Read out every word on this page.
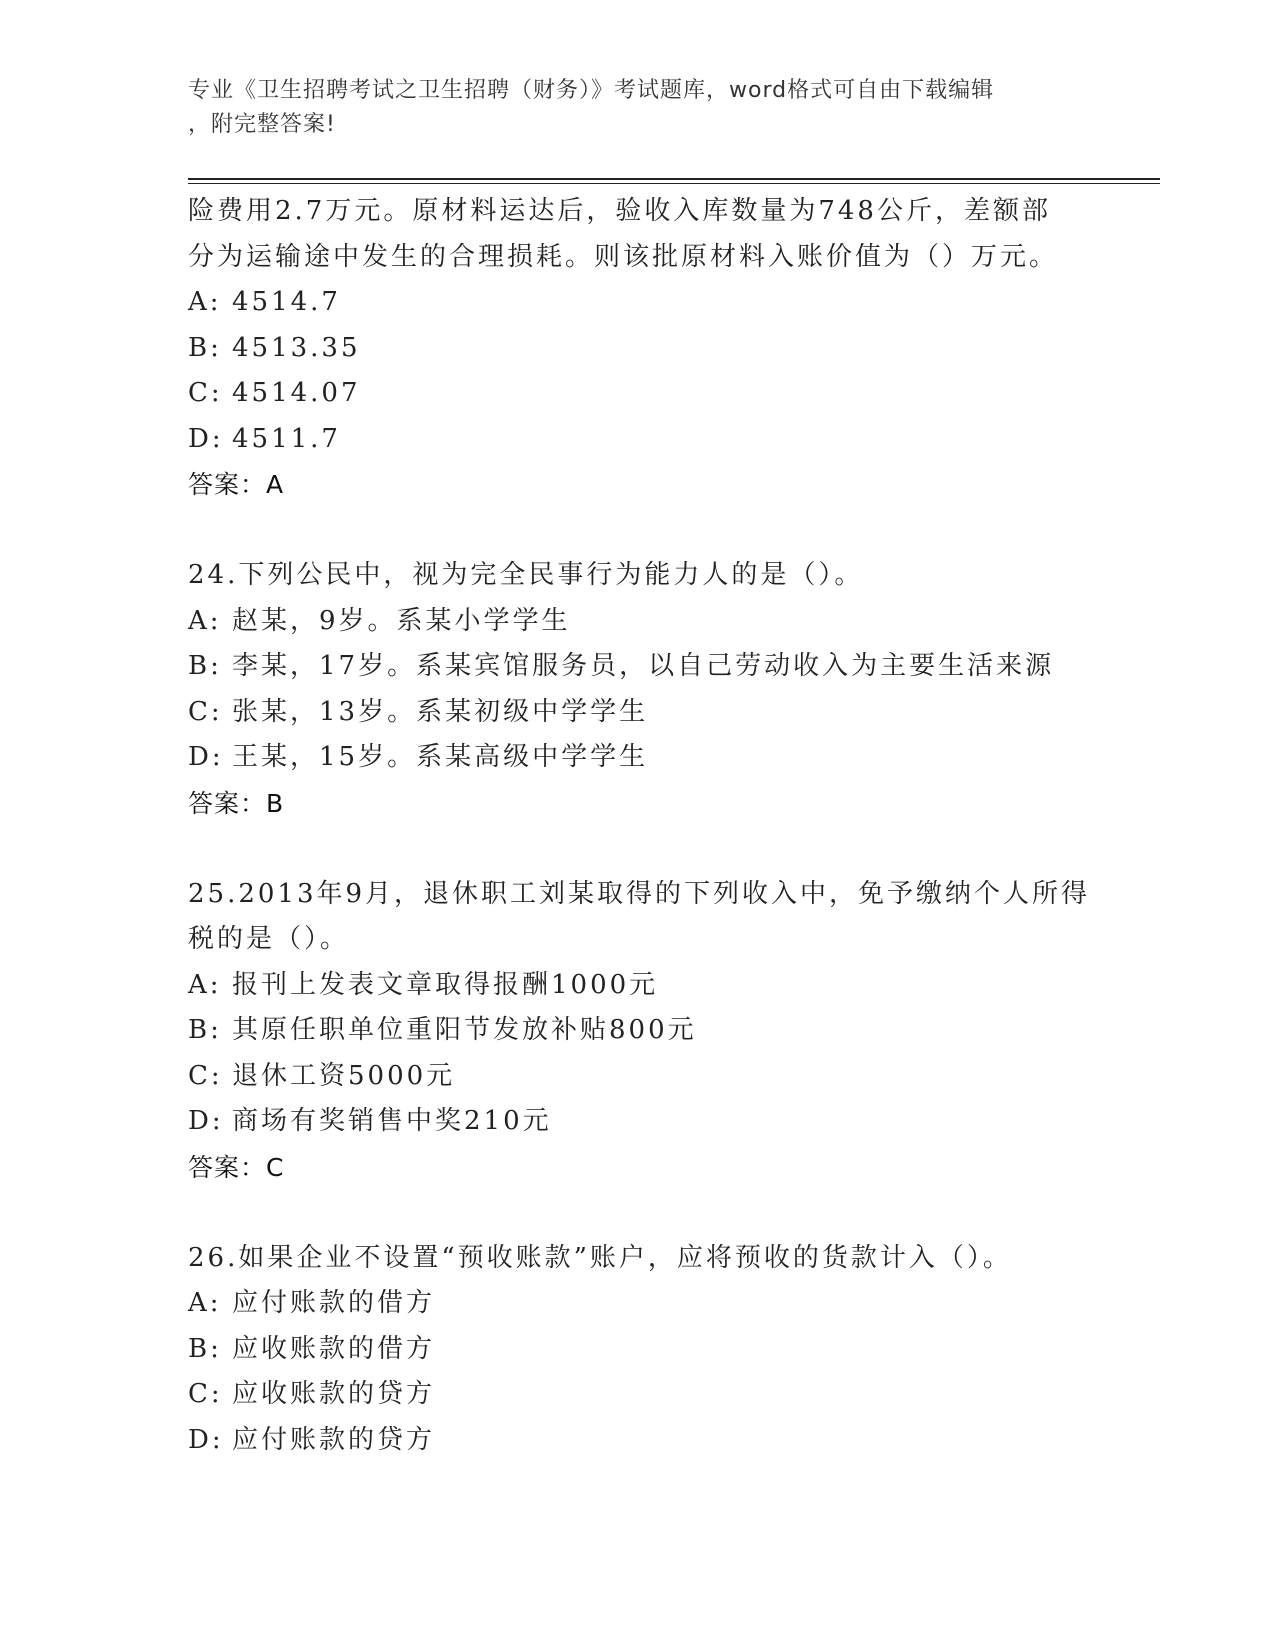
专业《卫生招聘考试之卫生招聘（财务）》考试题库，word格式可自由下载编辑
，附完整答案!
险费用2.7万元。原材料运达后，验收入库数量为748公斤，差额部
分为运输途中发生的合理损耗。则该批原材料入账价值为（）万元。
A: 4514.7
B: 4513.35
C: 4514.07
D: 4511.7
答案：A
24.下列公民中，视为完全民事行为能力人的是（）。
A: 赵某，9岁。系某小学学生
B: 李某，17岁。系某宾馆服务员，以自己劳动收入为主要生活来源
C: 张某，13岁。系某初级中学学生
D: 王某，15岁。系某高级中学学生
答案：B
25.2013年9月，退休职工刘某取得的下列收入中，免予缴纳个人所得
税的是（）。
A: 报刊上发表文章取得报酬1000元
B: 其原任职单位重阳节发放补贴800元
C: 退休工资5000元
D: 商场有奖销售中奖210元
答案：C
26.如果企业不设置“预收账款”账户，应将预收的货款计入（）。
A: 应付账款的借方
B: 应收账款的借方
C: 应收账款的贷方
D: 应付账款的贷方
